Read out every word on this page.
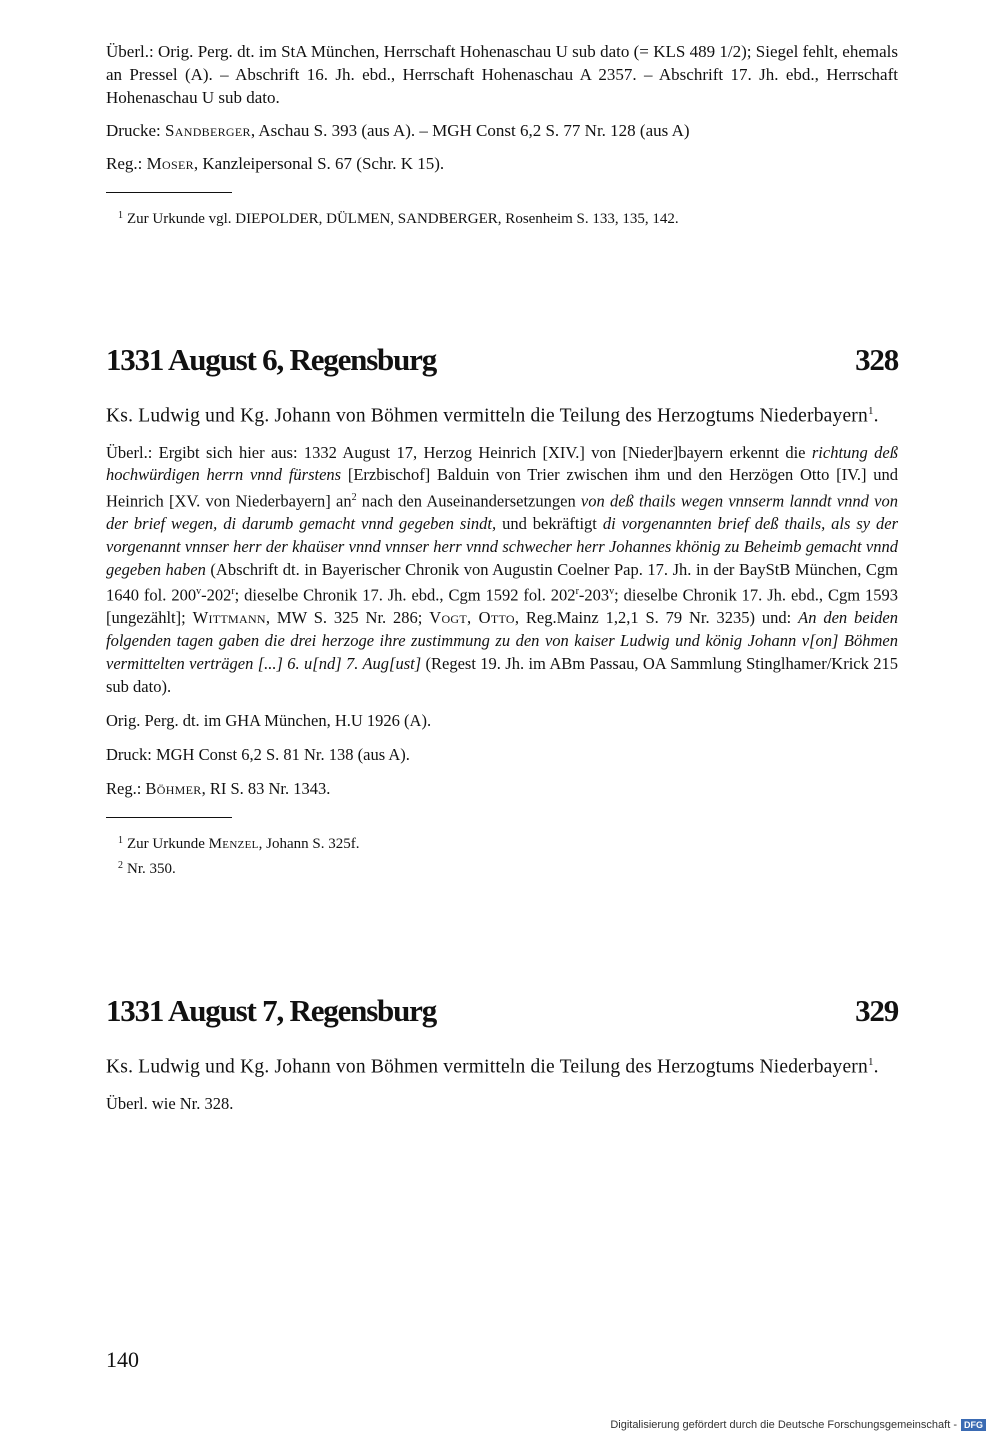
Überl.: Orig. Perg. dt. im StA München, Herrschaft Hohenaschau U sub dato (= KLS 489 1/2); Siegel fehlt, ehemals an Pressel (A). – Abschrift 16. Jh. ebd., Herrschaft Hohenaschau A 2357. – Abschrift 17. Jh. ebd., Herrschaft Hohenaschau U sub dato.

Drucke: Sandberger, Aschau S. 393 (aus A). – MGH Const 6,2 S. 77 Nr. 128 (aus A)

Reg.: Moser, Kanzleipersonal S. 67 (Schr. K 15).

$^1$ Zur Urkunde vgl. DIEPOLDER, DÜLMEN, SANDBERGER, Rosenheim S. 133, 135, 142.

1331 August 6, Regensburg	328

Ks. Ludwig und Kg. Johann von Böhmen vermitteln die Teilung des Herzogtums Niederbayern$^1$.

Überl.: Ergibt sich hier aus: 1332 August 17, Herzog Heinrich [XIV.] von [Nieder]bayern erkennt die richtung deß hochwürdigen herrn vnnd fürstens [Erzbischof] Balduin von Trier zwischen ihm und den Herzögen Otto [IV.] und Heinrich [XV. von Niederbayern] $an^2$ nach den Auseinandersetzungen von deß thails wegen vnnserm lanndt vnnd von der brief wegen, di darumb gemacht vnnd gegeben sindt, und bekräftigt di vorgenannten brief deß thails, als sy der vorgenannt vnnser herr der khaüser vnnd vnnser herr vnnd schwecher herr Johannes khönig zu Beheimb gemacht vnnd gegeben haben (Abschrift dt. in Bayerischer Chronik von Augustin Coelner Pap. 17. Jh. in der BayStB München, Cgm 1640 fol. 200$^v$-202$^r$; dieselbe Chronik 17. Jh. ebd., Cgm 1592 fol. 202$^r$-203$^v$; dieselbe Chronik 17. Jh. ebd., Cgm 1593 [ungezählt]; Wittmann, MW S. 325 Nr. 286; Vogt, Otto, Reg.Mainz 1,2,1 S. 79 Nr. 3235) und: An den beiden folgenden tagen gaben die drei herzoge ihre zustimmung zu den von kaiser Ludwig und könig Johann v[on] Böhmen vermittelten verträgen [...] 6. u[nd] 7. Aug[ust] (Regest 19. Jh. im ABm Passau, OA Sammlung Stinglhamer/Krick 215 sub dato).

Orig. Perg. dt. im GHA München, H.U 1926 (A).

Druck: MGH Const 6,2 S. 81 Nr. 138 (aus A).

Reg.: Böhmer, RI S. 83 Nr. 1343.

$^1$ Zur Urkunde Menzel, Johann S. 325f.

$^2$ Nr. 350.

1331 August 7, Regensburg	329

Ks. Ludwig und Kg. Johann von Böhmen vermitteln die Teilung des Herzogtums Niederbayern$^1$.

Überl. wie Nr. 328.

140
Digitalisierung gefördert durch die Deutsche Forschungsgemeinschaft - DFG
